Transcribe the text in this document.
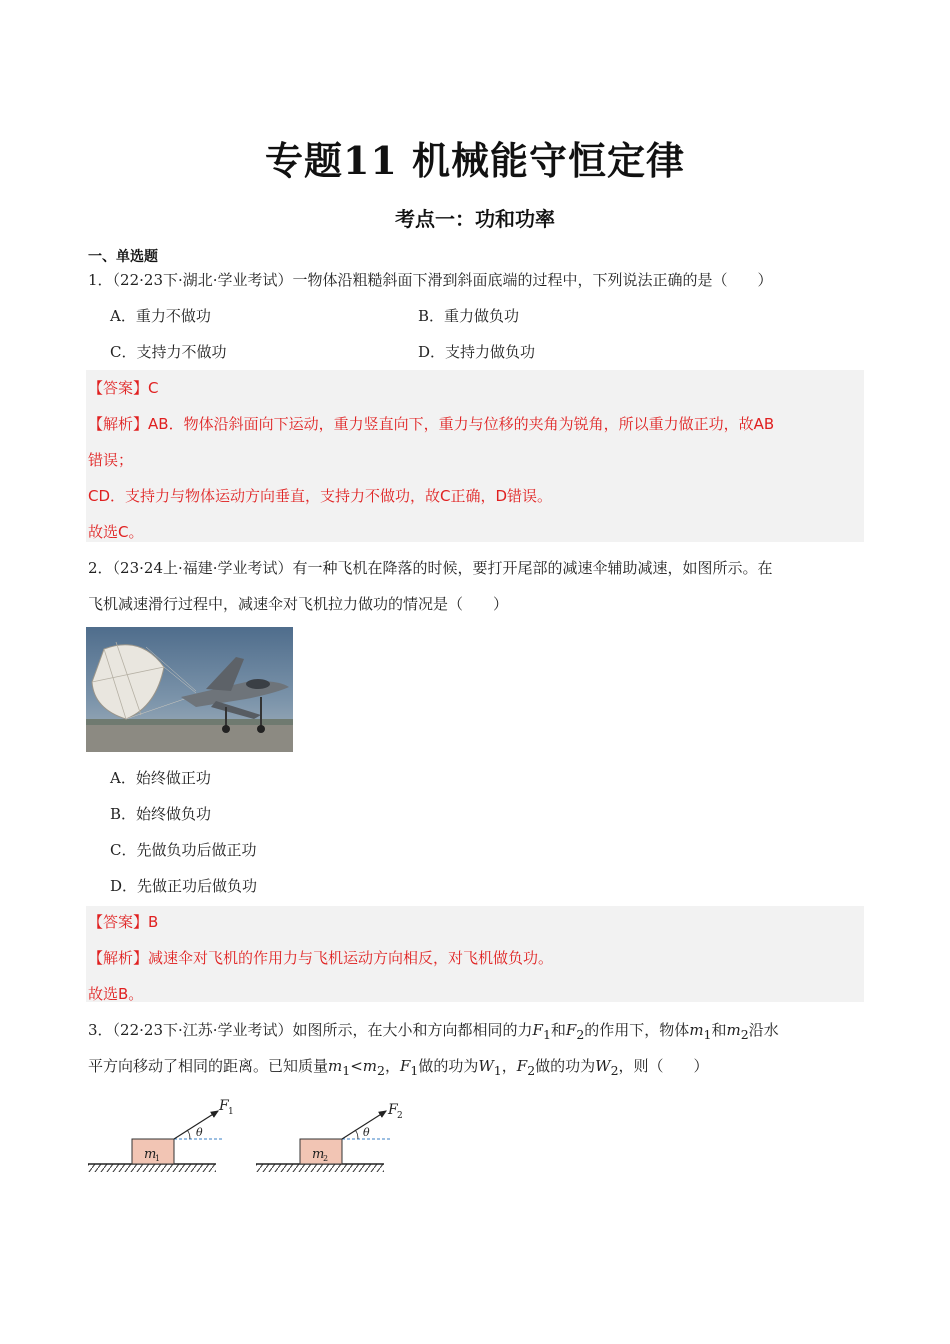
专题11 机械能守恒定律
考点一：功和功率
一、单选题
1．（22·23下·湖北·学业考试）一物体沿粗糙斜面下滑到斜面底端的过程中，下列说法正确的是（　　）
A．重力不做功	B．重力做负功
C．支持力不做功	D．支持力做负功
【答案】C
【解析】AB．物体沿斜面向下运动，重力竖直向下，重力与位移的夹角为锐角，所以重力做正功，故AB
错误；
CD．支持力与物体运动方向垂直，支持力不做功，故C正确，D错误。
故选C。
2．（23·24上·福建·学业考试）有一种飞机在降落的时候，要打开尾部的减速伞辅助减速，如图所示。在
飞机减速滑行过程中，减速伞对飞机拉力做功的情况是（　　）
A．始终做正功
B．始终做负功
C．先做负功后做正功
D．先做正功后做负功
【答案】B
【解析】减速伞对飞机的作用力与飞机运动方向相反，对飞机做负功。
故选B。
3．（22·23下·江苏·学业考试）如图所示，在大小和方向都相同的力$F_1$和$F_2$的作用下，物体$m_1$和$m_2$沿水
平方向移动了相同的距离。已知质量$m_1<m_2$，$F_1$做的功为$W_1$，$F_2$做的功为$W_2$，则（　　）
m
1
θ
F 1
m
2
θ
F 2
